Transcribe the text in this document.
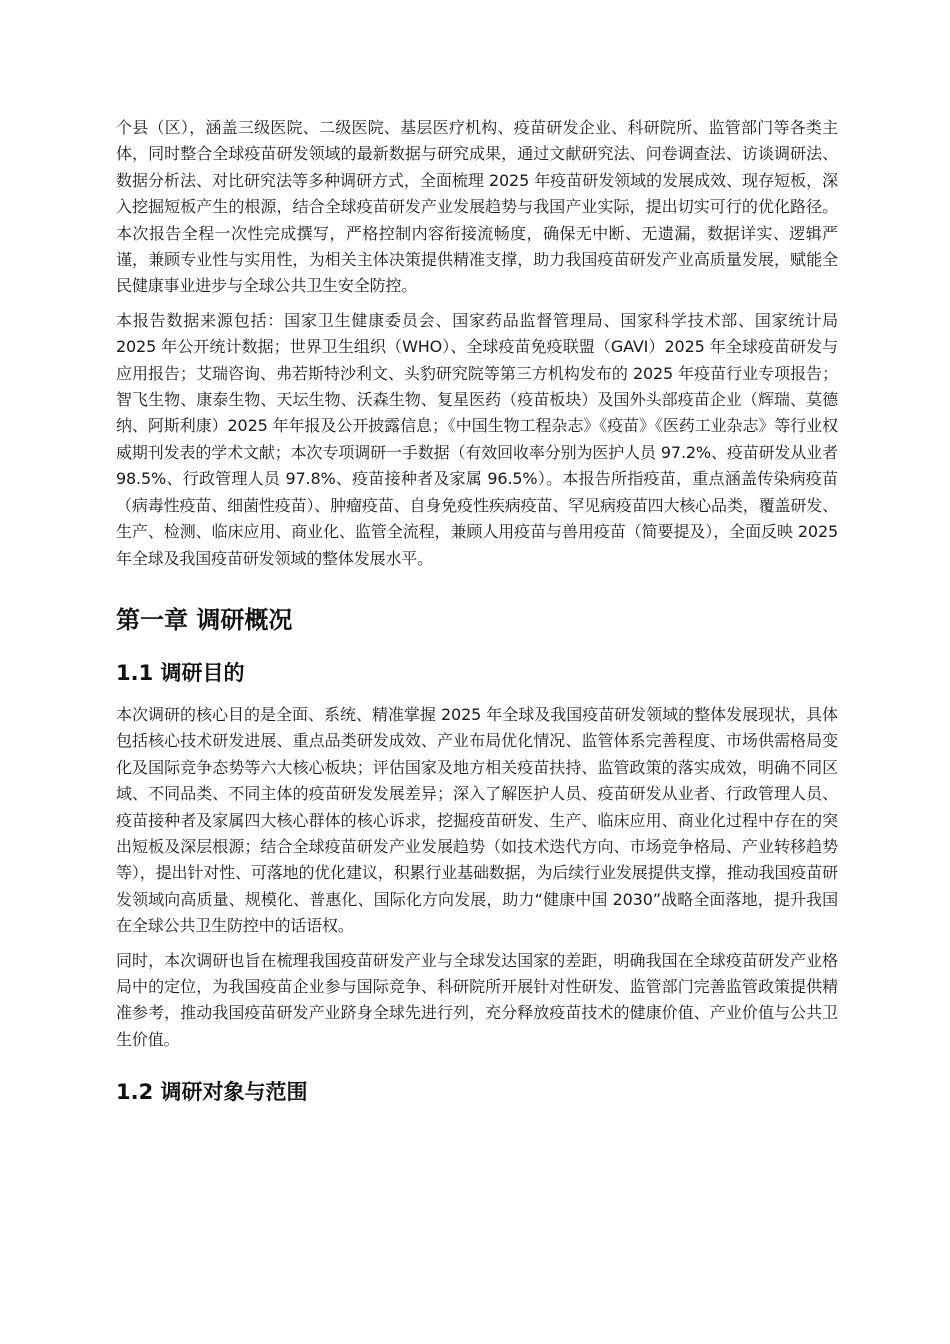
个县（区），涵盖三级医院、二级医院、基层医疗机构、疫苗研发企业、科研院所、监管部门等各类主体，同时整合全球疫苗研发领域的最新数据与研究成果，通过文献研究法、问卷调查法、访谈调研法、数据分析法、对比研究法等多种调研方式，全面梳理 2025 年疫苗研发领域的发展成效、现存短板，深入挖掘短板产生的根源，结合全球疫苗研发产业发展趋势与我国产业实际，提出切实可行的优化路径。本次报告全程一次性完成撰写，严格控制内容衔接流畅度，确保无中断、无遗漏，数据详实、逻辑严谨，兼顾专业性与实用性，为相关主体决策提供精准支撑，助力我国疫苗研发产业高质量发展，赋能全民健康事业进步与全球公共卫生安全防控。

本报告数据来源包括：国家卫生健康委员会、国家药品监督管理局、国家科学技术部、国家统计局 2025 年公开统计数据；世界卫生组织（WHO）、全球疫苗免疫联盟（GAVI）2025 年全球疫苗研发与应用报告；艾瑞咨询、弗若斯特沙利文、头豹研究院等第三方机构发布的 2025 年疫苗行业专项报告；智飞生物、康泰生物、天坛生物、沃森生物、复星医药（疫苗板块）及国外头部疫苗企业（辉瑞、莫德纳、阿斯利康）2025 年年报及公开披露信息；《中国生物工程杂志》《疫苗》《医药工业杂志》等行业权威期刊发表的学术文献；本次专项调研一手数据（有效回收率分别为医护人员 97.2%、疫苗研发从业者 98.5%、行政管理人员 97.8%、疫苗接种者及家属 96.5%）。本报告所指疫苗，重点涵盖传染病疫苗（病毒性疫苗、细菌性疫苗）、肿瘤疫苗、自身免疫性疾病疫苗、罕见病疫苗四大核心品类，覆盖研发、生产、检测、临床应用、商业化、监管全流程，兼顾人用疫苗与兽用疫苗（简要提及），全面反映 2025 年全球及我国疫苗研发领域的整体发展水平。

第一章 调研概况
1.1 调研目的

本次调研的核心目的是全面、系统、精准掌握 2025 年全球及我国疫苗研发领域的整体发展现状，具体包括核心技术研发进展、重点品类研发成效、产业布局优化情况、监管体系完善程度、市场供需格局变化及国际竞争态势等六大核心板块；评估国家及地方相关疫苗扶持、监管政策的落实成效，明确不同区域、不同品类、不同主体的疫苗研发发展差异；深入了解医护人员、疫苗研发从业者、行政管理人员、疫苗接种者及家属四大核心群体的核心诉求，挖掘疫苗研发、生产、临床应用、商业化过程中存在的突出短板及深层根源；结合全球疫苗研发产业发展趋势（如技术迭代方向、市场竞争格局、产业转移趋势等），提出针对性、可落地的优化建议，积累行业基础数据，为后续行业发展提供支撑，推动我国疫苗研发领域向高质量、规模化、普惠化、国际化方向发展，助力“健康中国 2030”战略全面落地，提升我国在全球公共卫生防控中的话语权。

同时，本次调研也旨在梳理我国疫苗研发产业与全球发达国家的差距，明确我国在全球疫苗研发产业格局中的定位，为我国疫苗企业参与国际竞争、科研院所开展针对性研发、监管部门完善监管政策提供精准参考，推动我国疫苗研发产业跻身全球先进行列，充分释放疫苗技术的健康价值、产业价值与公共卫生价值。

1.2 调研对象与范围
